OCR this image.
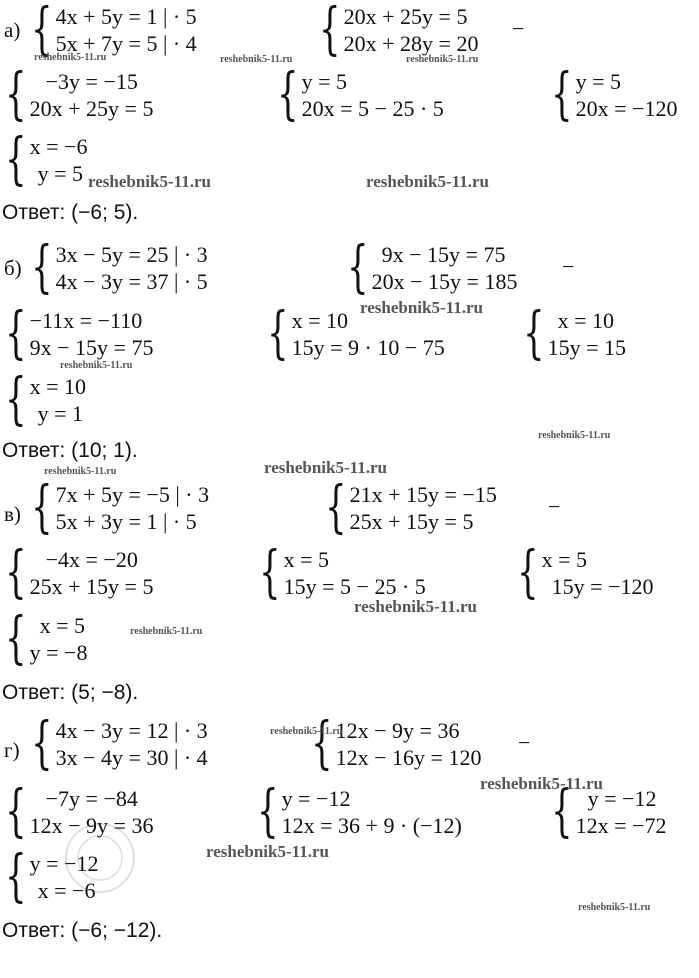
а) { 4x + 5y = 1 | · 5
5x + 7y = 5 | · 4 { 20x + 25y = 5
20x + 28y = 20
−
{ −3y = −15
20x + 25y = 5 { y = 5
20x = 5 − 25 · 5 { y = 5
20x = −120
{ x = −6
y = 5
Ответ: (−6; 5).
б) { 3x − 5y = 25 | · 3
4x − 3y = 37 | · 5 { 9x − 15y = 75
20x − 15y = 185
−
{ −11x = −110
9x − 15y = 75 { x = 10
15y = 9 · 10 − 75 { x = 10
15y = 15
{ x = 10
y = 1
Ответ: (10; 1).
в) { 7x + 5y = −5 | · 3
5x + 3y = 1 | · 5 { 21x + 15y = −15
25x + 15y = 5
−
{ −4x = −20
25x + 15y = 5 { x = 5
15y = 5 − 25 · 5 { x = 5
15y = −120
{ x = 5
y = −8
Ответ: (5; −8).
г) { 4x − 3y = 12 | · 3
3x − 4y = 30 | · 4 { 12x − 9y = 36
12x − 16y = 120
−
{ −7y = −84
12x − 9y = 36 { y = −12
12x = 36 + 9 · (−12) { y = −12
12x = −72
{ y = −12
x = −6
Ответ: (−6; −12).
reshebnik5-11.ru	reshebnik5-11.ru	reshebnik5-11.ru
reshebnik5-11.ru	reshebnik5-11.ru
reshebnik5-11.ru
reshebnik5-11.ru
reshebnik5-11.ru
reshebnik5-11.ru	reshebnik5-11.ru
reshebnik5-11.ru
reshebnik5-11.ru
reshebnik5-11.ru
reshebnik5-11.ru
reshebnik5-11.ru
reshebnik5-11.ru
